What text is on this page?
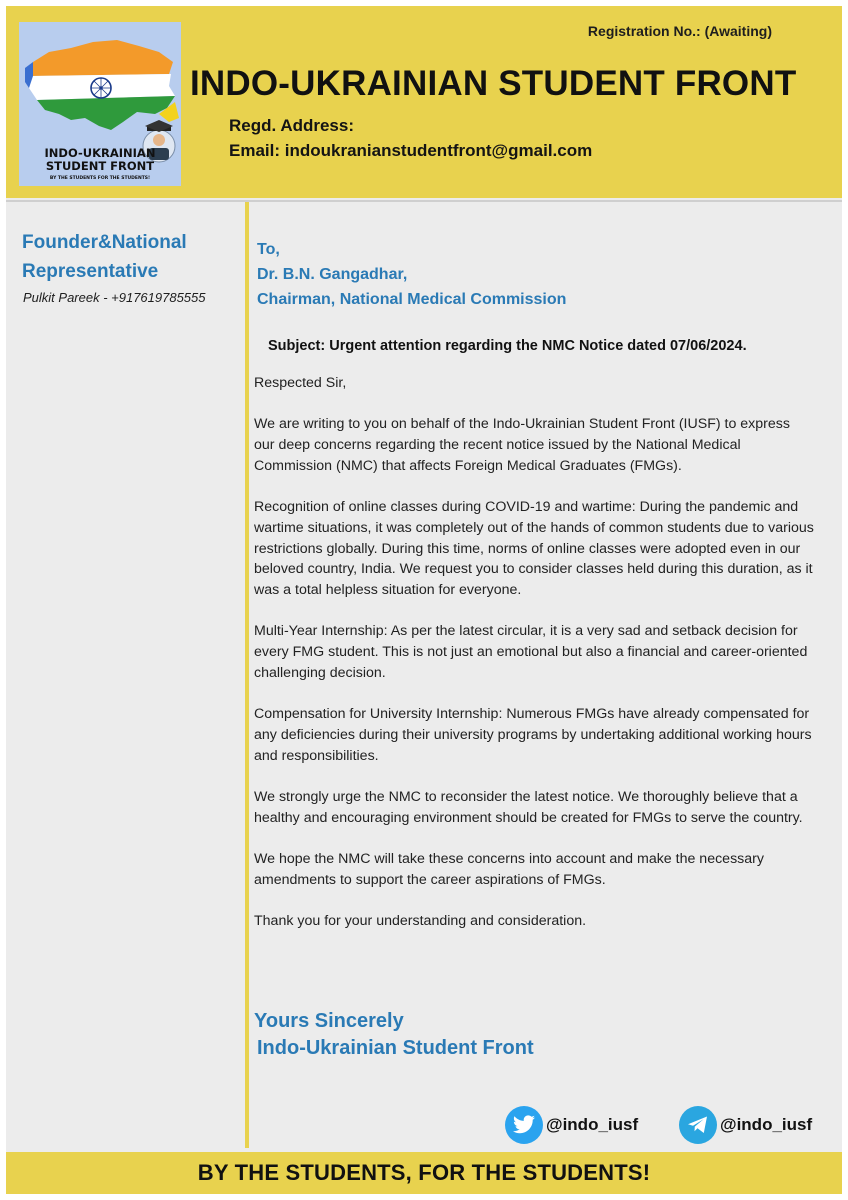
INDO-UKRAINIAN
STUDENT FRONT
BY THE STUDENTS FOR THE STUDENTS!
Registration No.: (Awaiting)
INDO-UKRAINIAN STUDENT FRONT
Regd. Address:
Email: indoukranianstudentfront@gmail.com
Founder&National Representative
Pulkit Pareek - +917619785555
To,
Dr. B.N. Gangadhar,
Chairman, National Medical Commission
Subject: Urgent attention regarding the NMC Notice dated 07/06/2024.

Respected Sir,

We are writing to you on behalf of the Indo-Ukrainian Student Front (IUSF) to express our deep concerns regarding the recent notice issued by the National Medical Commission (NMC) that affects Foreign Medical Graduates (FMGs).

Recognition of online classes during COVID-19 and wartime: During the pandemic and wartime situations, it was completely out of the hands of common students due to various restrictions globally. During this time, norms of online classes were adopted even in our beloved country, India. We request you to consider classes held during this duration, as it was a total helpless situation for everyone.

Multi-Year Internship: As per the latest circular, it is a very sad and setback decision for every FMG student. This is not just an emotional but also a financial and career-oriented challenging decision.

Compensation for University Internship: Numerous FMGs have already compensated for any deficiencies during their university programs by undertaking additional working hours and responsibilities.

We strongly urge the NMC to reconsider the latest notice. We thoroughly believe that a healthy and encouraging environment should be created for FMGs to serve the country.

We hope the NMC will take these concerns into account and make the necessary amendments to support the career aspirations of FMGs.

Thank you for your understanding and consideration.

Yours Sincerely
Indo-Ukrainian Student Front
@indo_iusf	@indo_iusf
BY THE STUDENTS, FOR THE STUDENTS!
